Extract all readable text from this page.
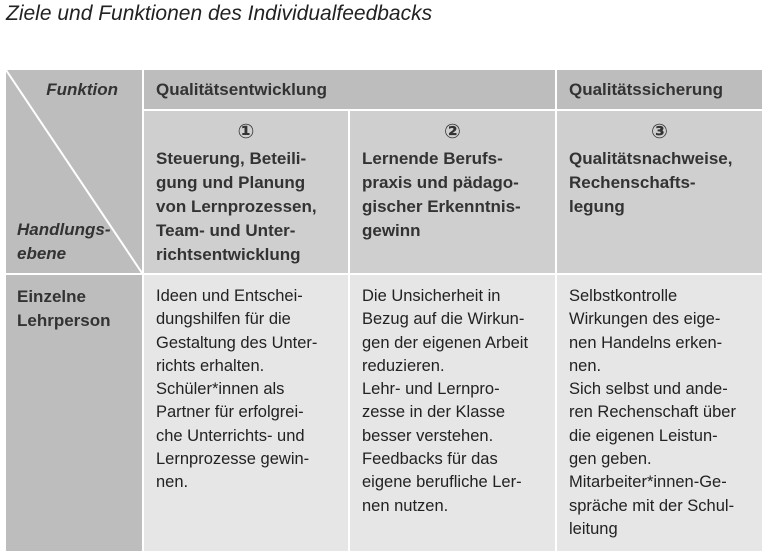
Ziele und Funktionen des Individualfeedbacks
Funktion
Handlungs-
ebene
Qualitätsentwicklung	Qualitätssicherung
①
Steuerung, Beteili-
gung und Planung
von Lernprozessen,
Team- und Unter-
richtsentwicklung
②
Lernende Berufs-
praxis und pädago-
gischer Erkenntnis-
gewinn
③
Qualitätsnachweise,
Rechenschafts-
legung
Einzelne
Lehrperson
Ideen und Entschei-
dungshilfen für die
Gestaltung des Unter-
richts erhalten.
Schüler*innen als
Partner für erfolgrei-
che Unterrichts- und
Lernprozesse gewin-
nen.
Die Unsicherheit in
Bezug auf die Wirkun-
gen der eigenen Arbeit
reduzieren.
Lehr- und Lernpro-
zesse in der Klasse
besser verstehen.
Feedbacks für das
eigene berufliche Ler-
nen nutzen.
Selbstkontrolle
Wirkungen des eige-
nen Handelns erken-
nen.
Sich selbst und ande-
ren Rechenschaft über
die eigenen Leistun-
gen geben.
Mitarbeiter*innen-Ge-
spräche mit der Schul-
leitung
